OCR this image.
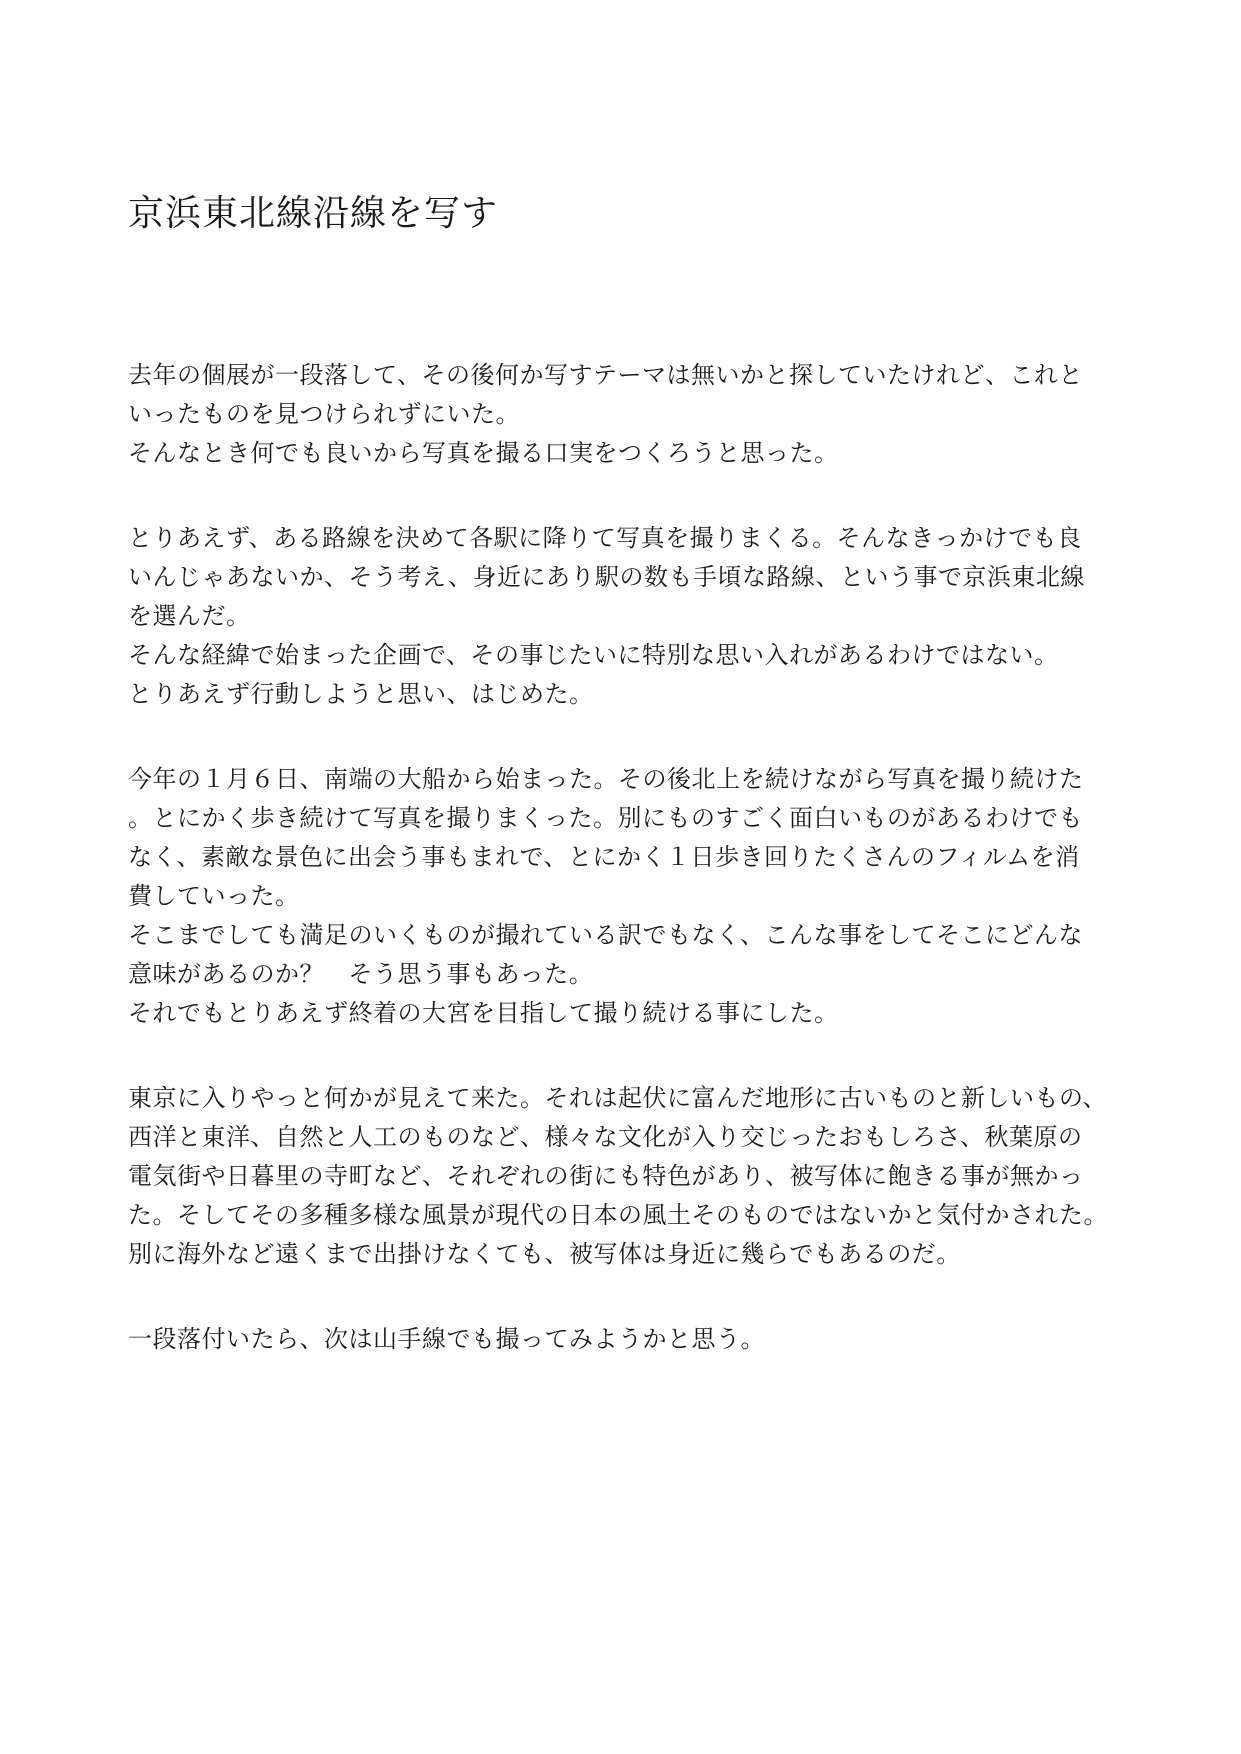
京浜東北線沿線を写す
去年の個展が一段落して、その後何か写すテーマは無いかと探していたけれど、これと
いったものを見つけられずにいた。
そんなとき何でも良いから写真を撮る口実をつくろうと思った。
とりあえず、ある路線を決めて各駅に降りて写真を撮りまくる。そんなきっかけでも良
いんじゃあないか、そう考え、身近にあり駅の数も手頃な路線、という事で京浜東北線
を選んだ。
そんな経緯で始まった企画で、その事じたいに特別な思い入れがあるわけではない。
とりあえず行動しようと思い、はじめた。
今年の１月６日、南端の大船から始まった。その後北上を続けながら写真を撮り続けた
。とにかく歩き続けて写真を撮りまくった。別にものすごく面白いものがあるわけでも
なく、素敵な景色に出会う事もまれで、とにかく１日歩き回りたくさんのフィルムを消
費していった。
そこまでしても満足のいくものが撮れている訳でもなく、こんな事をしてそこにどんな
意味があるのか？　そう思う事もあった。
それでもとりあえず終着の大宮を目指して撮り続ける事にした。
東京に入りやっと何かが見えて来た。それは起伏に富んだ地形に古いものと新しいもの、
西洋と東洋、自然と人工のものなど、様々な文化が入り交じったおもしろさ、秋葉原の
電気街や日暮里の寺町など、それぞれの街にも特色があり、被写体に飽きる事が無かっ
た。そしてその多種多様な風景が現代の日本の風土そのものではないかと気付かされた。
別に海外など遠くまで出掛けなくても、被写体は身近に幾らでもあるのだ。
一段落付いたら、次は山手線でも撮ってみようかと思う。
